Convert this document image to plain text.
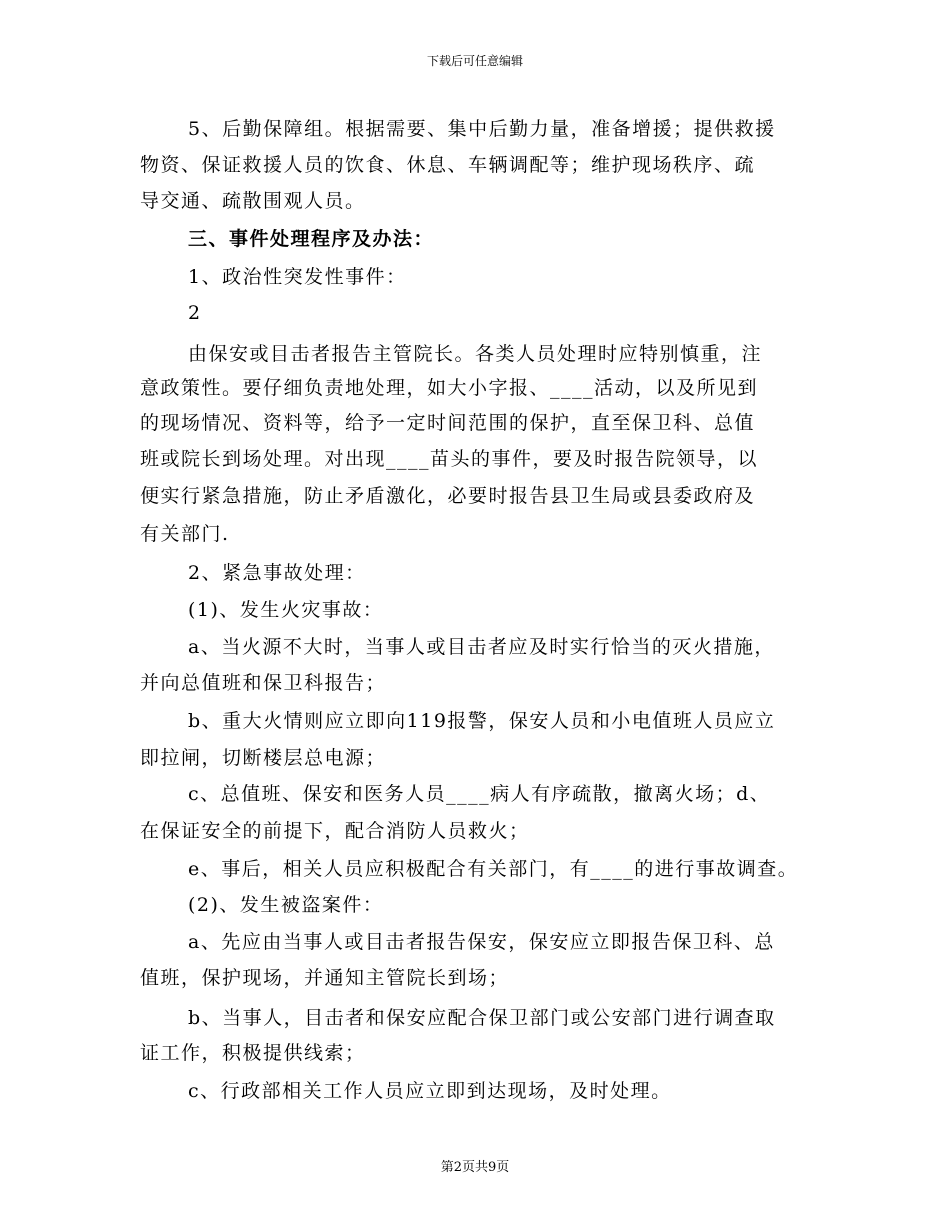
下载后可任意编辑
5、后勤保障组。根据需要、集中后勤力量，准备增援；提供救援
物资、保证救援人员的饮食、休息、车辆调配等；维护现场秩序、疏
导交通、疏散围观人员。
三、事件处理程序及办法：
1、政治性突发性事件：
2
由保安或目击者报告主管院长。各类人员处理时应特别慎重，注
意政策性。要仔细负责地处理，如大小字报、____活动，以及所见到
的现场情况、资料等，给予一定时间范围的保护，直至保卫科、总值
班或院长到场处理。对出现____苗头的事件，要及时报告院领导，以
便实行紧急措施，防止矛盾激化，必要时报告县卫生局或县委政府及
有关部门.
2、紧急事故处理：
(1)、发生火灾事故：
a、当火源不大时，当事人或目击者应及时实行恰当的灭火措施，
并向总值班和保卫科报告；
b、重大火情则应立即向119报警，保安人员和小电值班人员应立
即拉闸，切断楼层总电源；
c、总值班、保安和医务人员____病人有序疏散，撤离火场；d、
在保证安全的前提下，配合消防人员救火；
e、事后，相关人员应积极配合有关部门，有____的进行事故调查。
(2)、发生被盗案件：
a、先应由当事人或目击者报告保安，保安应立即报告保卫科、总
值班，保护现场，并通知主管院长到场；
b、当事人，目击者和保安应配合保卫部门或公安部门进行调查取
证工作，积极提供线索；
c、行政部相关工作人员应立即到达现场，及时处理。
第2页共9页
